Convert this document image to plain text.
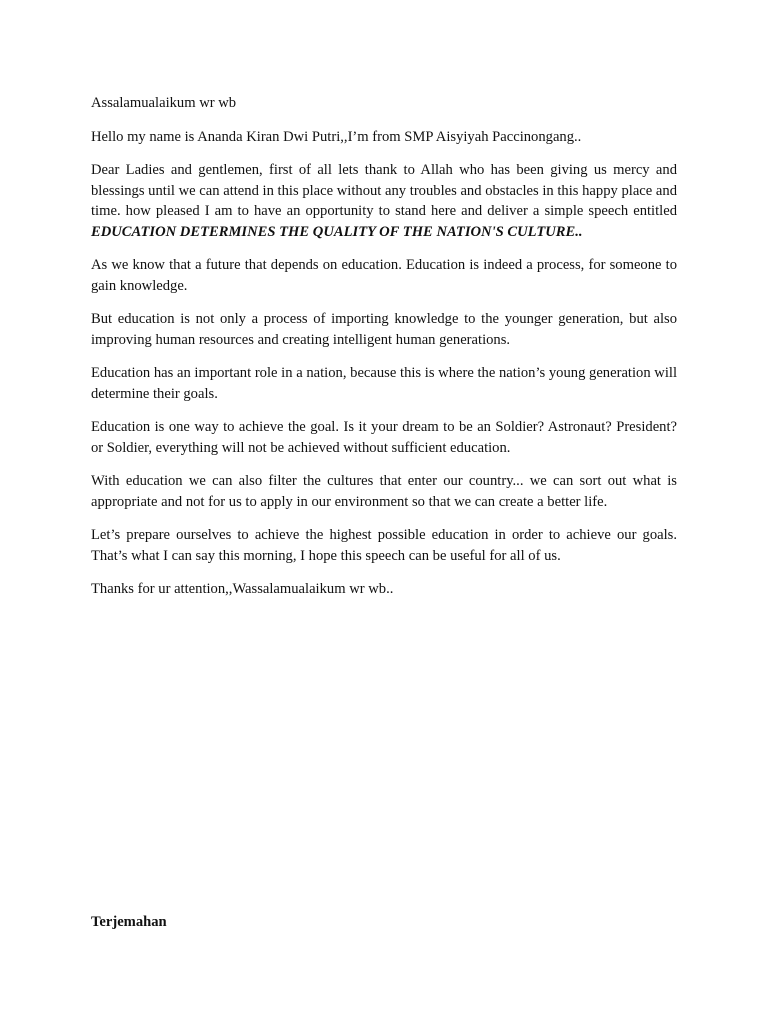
Assalamualaikum wr wb

Hello my name is Ananda Kiran Dwi Putri,,I’m from SMP Aisyiyah Paccinongang..

Dear Ladies and gentlemen, first of all lets thank to Allah who has been giving us mercy and blessings until we can attend in this place without any troubles and obstacles in this happy place and time. how pleased I am to have an opportunity to stand here and deliver a simple speech entitled EDUCATION DETERMINES THE QUALITY OF THE NATION'S CULTURE..

As we know that a future that depends on education. Education is indeed a process, for someone to gain knowledge.

But education is not only a process of importing knowledge to the younger generation, but also improving human resources and creating intelligent human generations.

Education has an important role in a nation, because this is where the nation’s young generation will determine their goals.

Education is one way to achieve the goal. Is it your dream to be an Soldier? Astronaut? President? or Soldier, everything will not be achieved without sufficient education.

With education we can also filter the cultures that enter our country... we can sort out what is appropriate and not for us to apply in our environment so that we can create a better life.

Let’s prepare ourselves to achieve the highest possible education in order to achieve our goals. That’s what I can say this morning, I hope this speech can be useful for all of us.

Thanks for ur attention,,Wassalamualaikum wr wb..

Terjemahan
